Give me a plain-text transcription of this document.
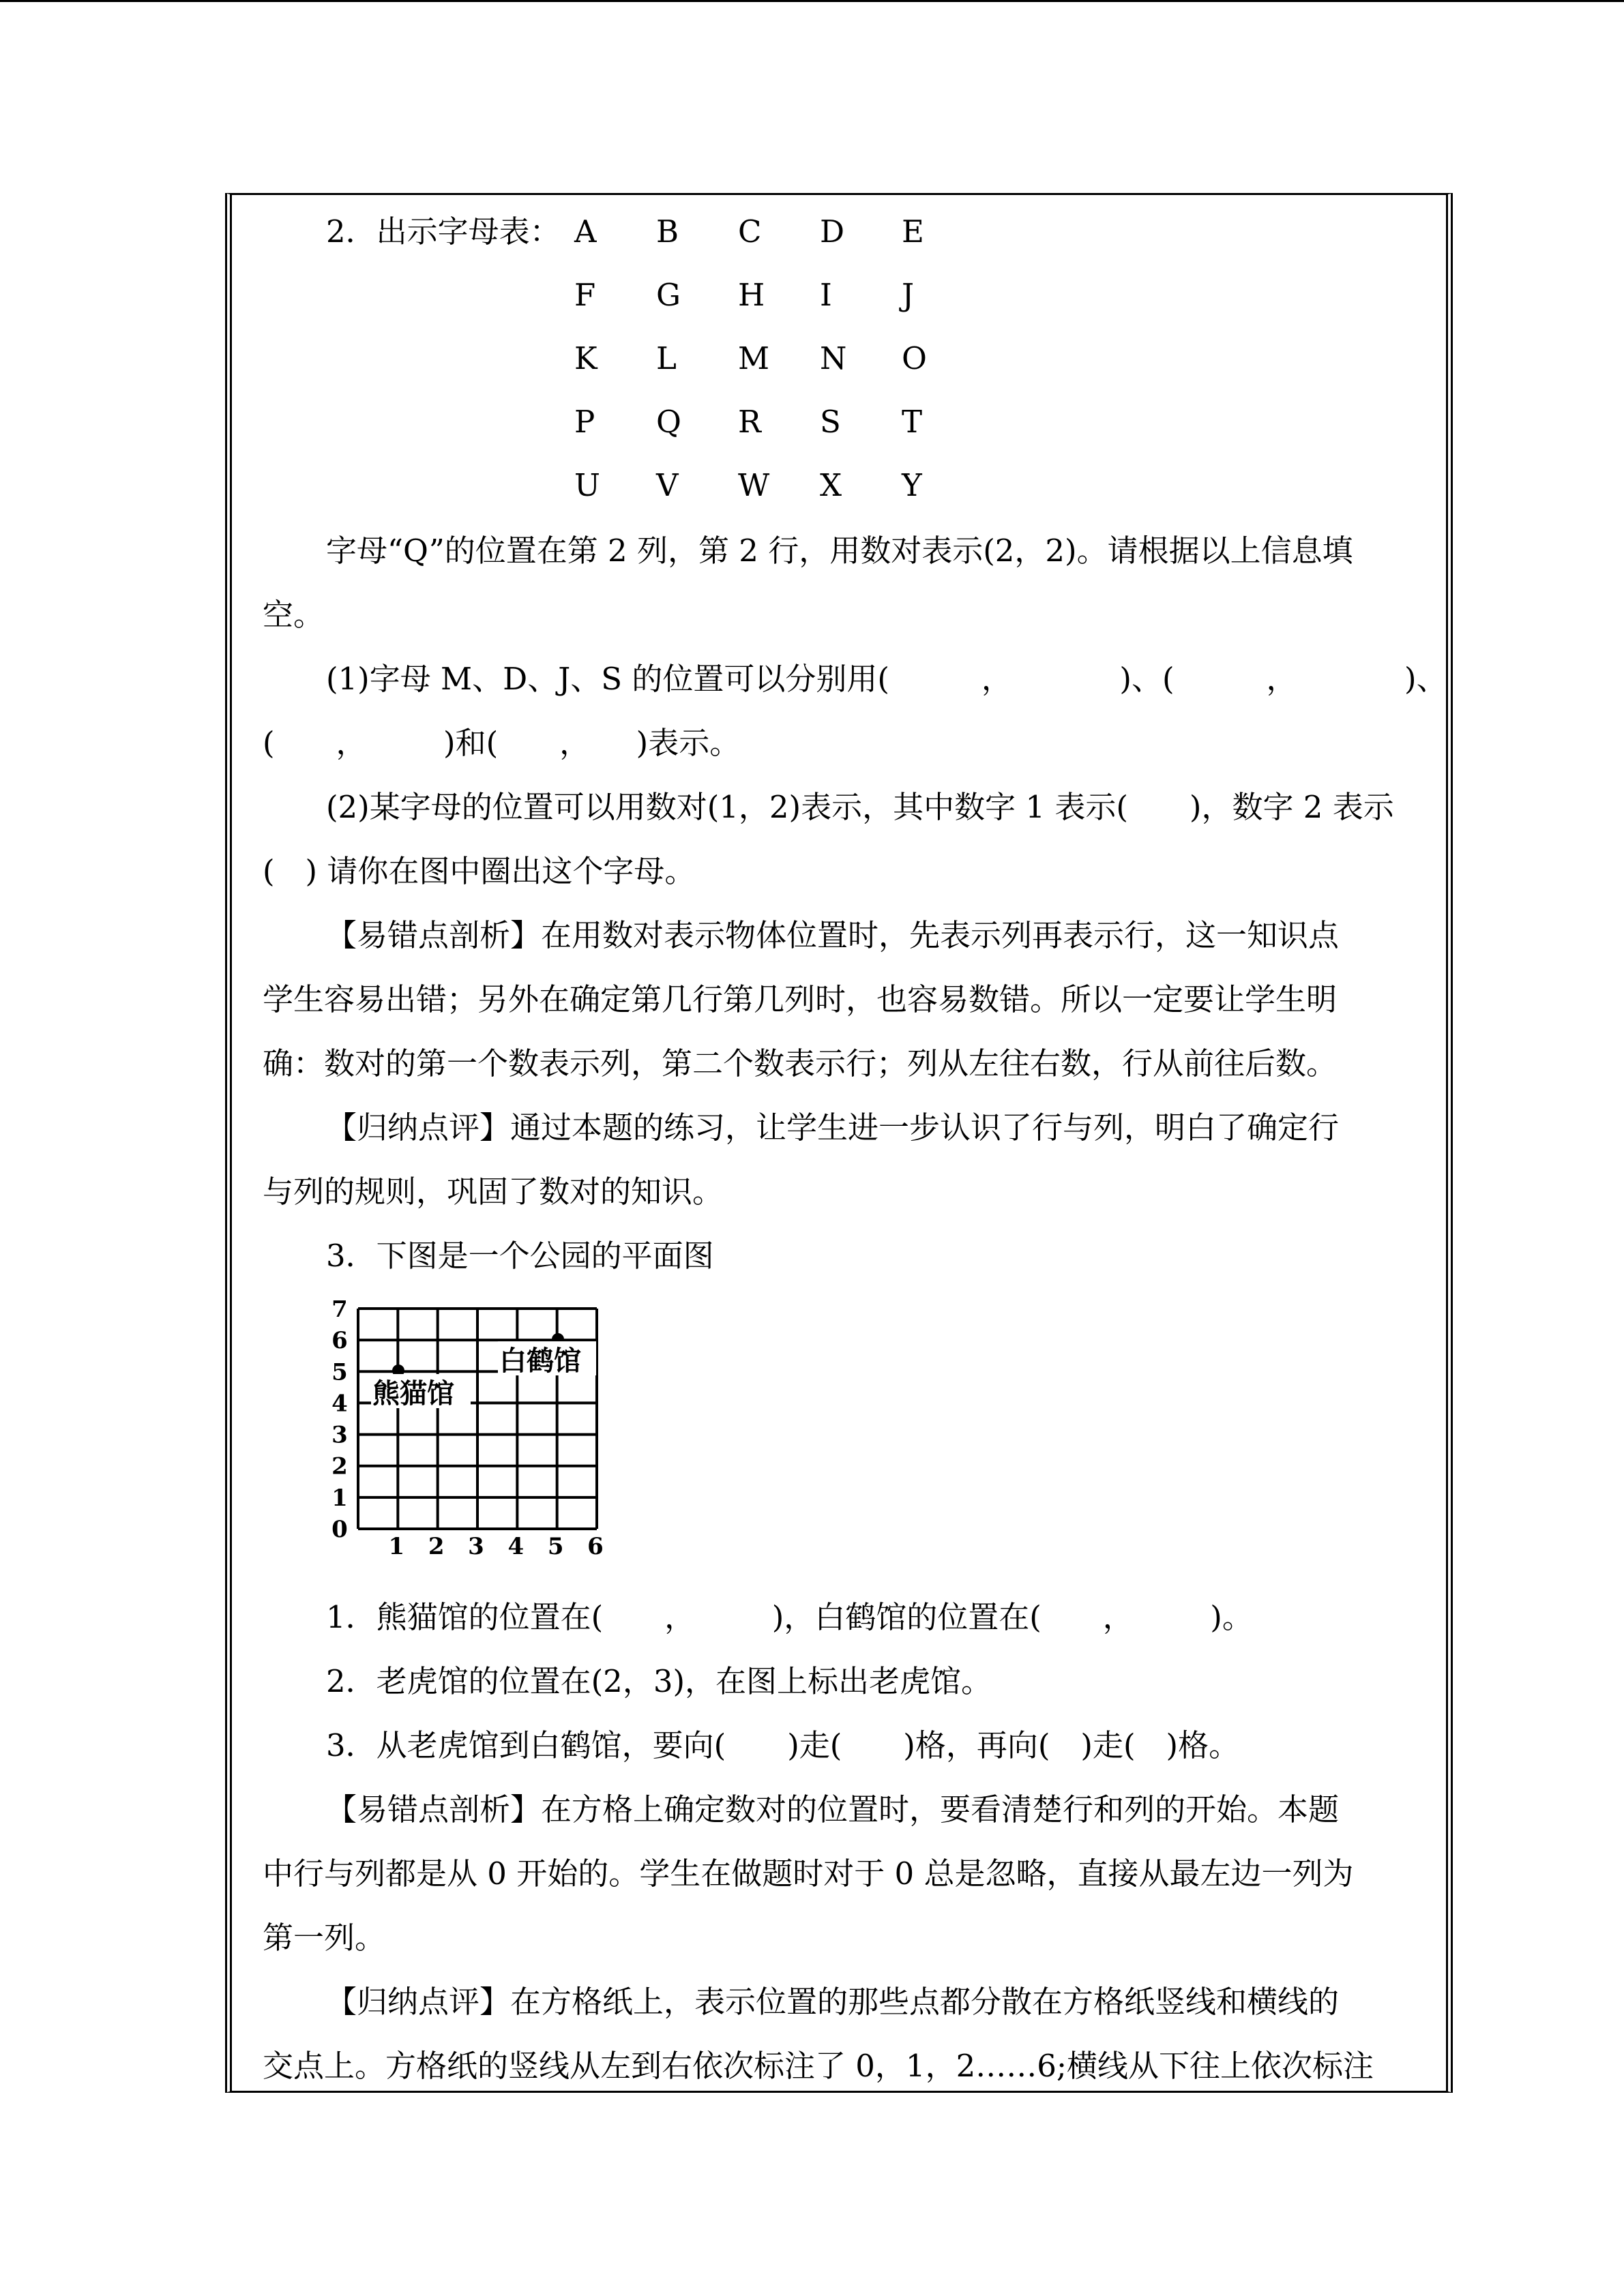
2．出示字母表： A	B	C	D	E
F	G	H	I	J
K	L	M	N	O
P	Q	R	S	T
U	V	W	X	Y
字母“Q”的位置在第 2 列，第 2 行，用数对表示(2，2)。请根据以上信息填
空。
(1)字母 M、D、J、S 的位置可以分别用(　　　，　　　　)、(　　　，　　　　)、
(　　，　　　)和(　　，　　)表示。
(2)某字母的位置可以用数对(1，2)表示，其中数字 1 表示(　　)，数字 2 表示
(　) 请你在图中圈出这个字母。
【易错点剖析】在用数对表示物体位置时，先表示列再表示行，这一知识点
学生容易出错；另外在确定第几行第几列时，也容易数错。所以一定要让学生明
确：数对的第一个数表示列，第二个数表示行；列从左往右数，行从前往后数。
【归纳点评】通过本题的练习，让学生进一步认识了行与列，明白了确定行
与列的规则，巩固了数对的知识。
3．下图是一个公园的平面图
1 2 3 4 5 6
0
1
2
3
4
5
6
7
熊猫馆
白鹤馆
1．熊猫馆的位置在(　　，　　　)，白鹤馆的位置在(　　，　　　)。
2．老虎馆的位置在(2，3)，在图上标出老虎馆。
3．从老虎馆到白鹤馆，要向(　　)走(　　)格，再向(　)走(　)格。
【易错点剖析】在方格上确定数对的位置时，要看清楚行和列的开始。本题
中行与列都是从 0 开始的。学生在做题时对于 0 总是忽略，直接从最左边一列为
第一列。
【归纳点评】在方格纸上，表示位置的那些点都分散在方格纸竖线和横线的
交点上。方格纸的竖线从左到右依次标注了 0，1，2……6;横线从下往上依次标注
